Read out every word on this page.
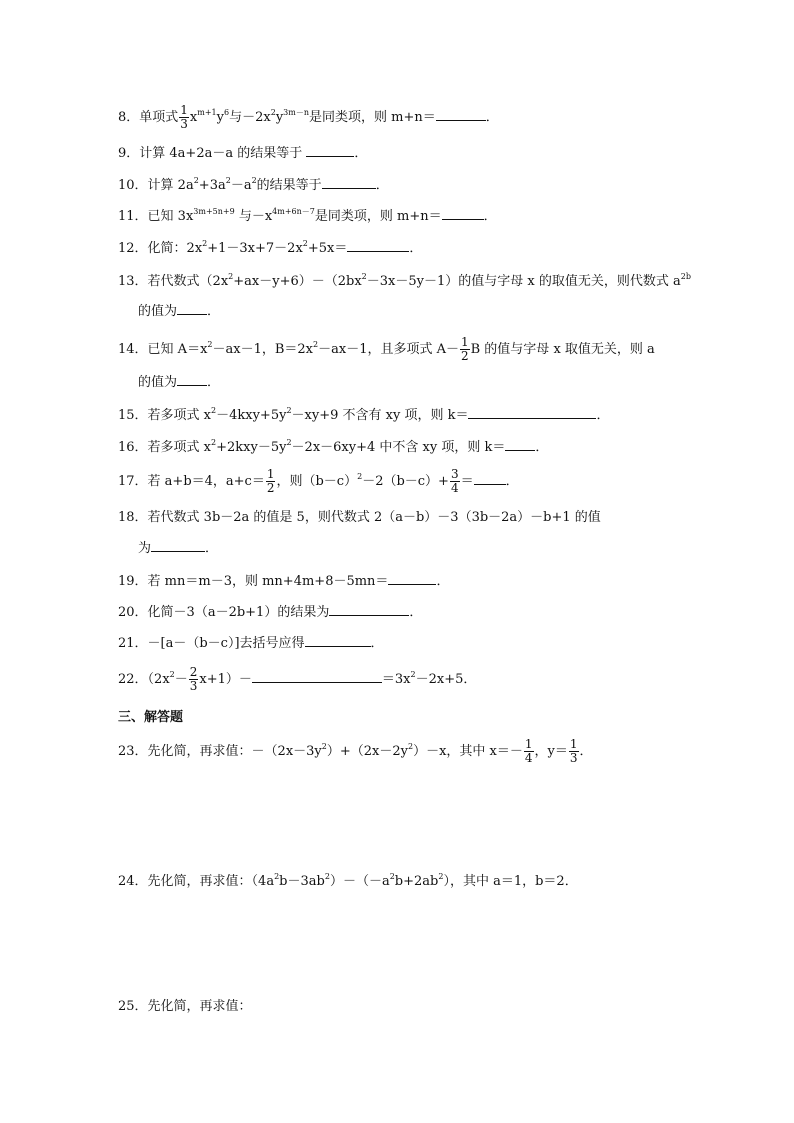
8．单项式 $\frac{1}{3} x^{m+1}y^6$与$-2x^2y^{3m-n}$是同类项，则 m+n＝	．
9．计算 4a+2a－a 的结果等于	．
10．计算 $2a^2+3a^2-a^2$的结果等于	．
11．已知 $3x^{3m+5n+9}$ 与$-x^{4m+6n-7}$是同类项，则 m+n＝	．
12．化简：$2x^2+1-3x+7-2x^2+5x=$	．
13．若代数式$(2x^2+ax-y+6)-(2bx^2-3x-5y-1)$的值与字母 x 的取值无关，则代数式 $a^{2b}$
的值为 ．
14．已知 $A=x^2-ax-1$，$B=2x^2-ax-1$，且多项式 $A- \frac{1}{2}$ B 的值与字母 x 取值无关，则 a
的值为 ．
15．若多项式 $x^2-4kxy+5y^2-xy+9$ 不含有 xy 项，则 k＝	．
16．若多项式 $x^2+2kxy-5y^2-2x-6xy+4$ 中不含 xy 项，则 k＝ ．
17．若 a+b＝4，$a+c= \frac{1}{2}$ ，则$(b-c)^2-2(b-c)+ \frac{3}{4}$ ＝ ．
18．若代数式 3b－2a 的值是 5，则代数式 2（a－b）－3（3b－2a）－b+1 的值
为	．
19．若 mn＝m－3，则 mn+4m+8－5mn＝	．
20．化简－3（a－2b+1）的结果为	．
21．－[a－（b－c）]去括号应得	．
22．$(2x^2- \frac{2}{3} x+1)-$	$=3x^2-2x+5$．
三、解答题
23．先化简，再求值：$-(2x-3y^2)+(2x-2y^2)-x$，其中 $x=- \frac{1}{4}$ ，$y= \frac{1}{3}$ ．
24．先化简，再求值：$(4a^2b-3ab^2)-(-a^2b+2ab^2)$，其中 a＝1，b＝2．
25．先化简，再求值：
